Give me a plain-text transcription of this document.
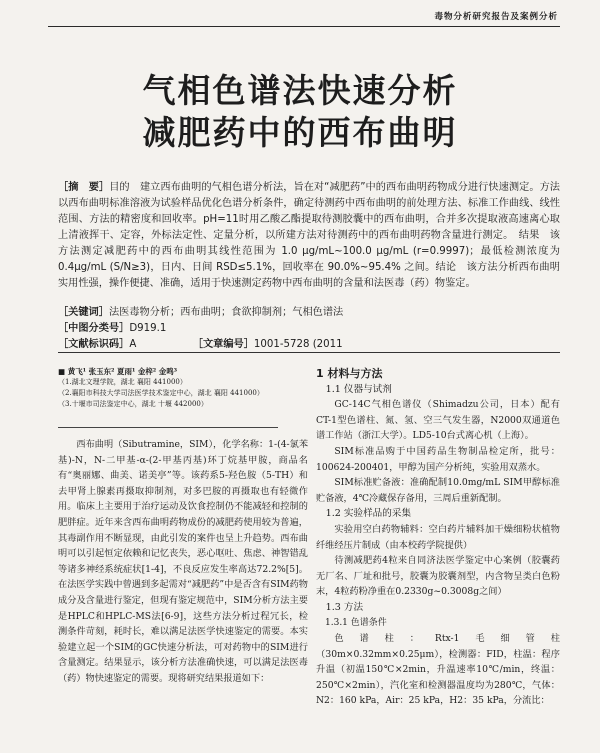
毒物分析研究报告及案例分析
气相色谱法快速分析
减肥药中的西布曲明
［摘　要］目的　建立西布曲明的气相色谱分析法，旨在对“减肥药”中的西布曲明药物成分进行快速测定。方法　以西布曲明标准溶液为试验样品优化色谱分析条件，确定待测药中西布曲明的前处理方法、标准工作曲线、线性范围、方法的精密度和回收率。pH=11时用乙酸乙酯提取待测胶囊中的西布曲明，合并多次提取液高速离心取上清液挥干、定容，外标法定性、定量分析，以所建方法对待测药中的西布曲明药物含量进行测定。　结果　该方法测定减肥药中的西布曲明其线性范围为 1.0 μg/mL~100.0 μg/mL (r=0.9997)；最低检测浓度为 0.4μg/mL (S/N≥3)，日内、日间 RSD≤5.1%，回收率在 90.0%~95.4% 之间。结论　该方法分析西布曲明实用性强，操作便捷、准确，适用于快速测定药物中西布曲明的含量和法医毒（药）物鉴定。
［关键词］法医毒物分析；西布曲明；食欲抑制剂；气相色谱法
［中图分类号］D919.1
［文献标识码］A	［文章编号］1001-5728 (2011
■ 黄飞¹ 张玉东² 夏雨¹ 金梓² 金鸣³
（1.湖北文理学院，湖北 襄阳 441000）
（2.襄阳市科技大学司法医学技术鉴定中心，湖北 襄阳 441000）
（3.十堰市司法鉴定中心，湖北 十堰 442000）

西布曲明（Sibutramine，SIM），化学名称：1-(4-氯苯基)-N，N-二甲基-α-(2-甲基丙基)环丁烷基甲胺，商品名有“奥丽娜、曲美、诺美亭”等。该药系5-羟色胺（5-TH）和去甲肾上腺素再摄取抑制剂，对多巴胺的再摄取也有轻微作用。临床上主要用于治疗运动及饮食控制仍不能减轻和控制的肥胖症。近年来含西布曲明药物成份的减肥药使用较为普遍，其毒副作用不断显现，由此引发的案件也呈上升趋势。西布曲明可以引起恒定依赖和记忆丧失，恶心呕吐、焦虑、神智错乱等诸多神经系统症状[1-4]，不良反应发生率高达72.2%[5]。在法医学实践中曾遇到多起需对“减肥药”中是否含有SIM药物成分及含量进行鉴定，但现有鉴定规范中，SIM分析方法主要是HPLC和HPLC-MS法[6-9]，这些方法分析过程冗长，检测条件苛刻，耗时长，难以满足法医学快速鉴定的需要。本实验建立起一个SIM的GC快速分析法，可对药物中的SIM进行含量测定。结果显示，该分析方法准确快速，可以满足法医毒（药）物快速鉴定的需要。现将研究结果报道如下：

1 材料与方法

1.1 仪器与试剂

GC-14C气相色谱仪（Shimadzu公司，日本）配有CT-1型色谱柱、氮、氢、空三气发生器，N2000双通道色谱工作站（浙江大学）。LD5-10台式离心机（上海）。

SIM标准品购于中国药品生物制品检定所，批号：100624-200401，甲醇为国产分析纯，实验用双蒸水。

SIM标准贮备液：准确配制10.0mg/mL SIM甲醇标准贮备液，4℃冷藏保存备用，三周后重新配制。

1.2 实验样品的采集

实验用空白药物辅料：空白药片辅料加干燥细粉状植物纤维经压片制成（由本校药学院提供）

待测减肥药4粒来自同济法医学鉴定中心案例（胶囊药无厂名、厂址和批号，胶囊为胶囊剂型，内含物呈类白色粉末，4粒药粉净重在0.2330g~0.3008g之间）

1.3 方法

1.3.1 色谱条件

色谱柱：Rtx-1毛细管柱（30m×0.32mm×0.25μm），检测器：FID，柱温：程序升温（初温150℃×2min，升温速率10℃/min，终温：250℃×2min），汽化室和检测器温度均为280℃，气体：N2：160 kPa，Air：25 kPa，H2：35 kPa，分流比：
